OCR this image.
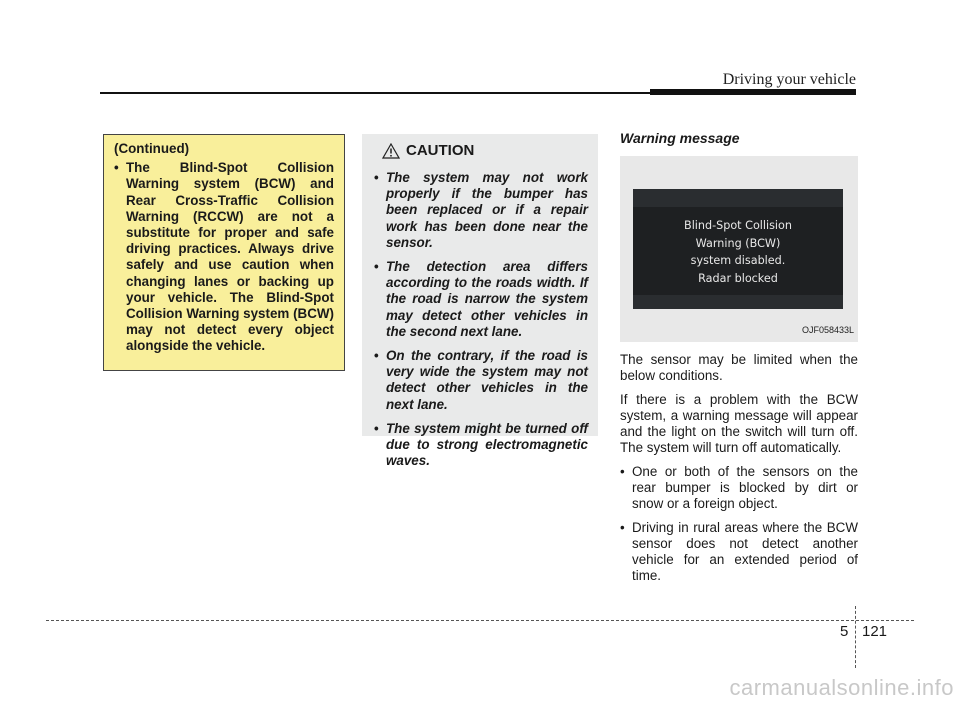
Driving your vehicle
(Continued)
• The Blind-Spot Collision Warning system (BCW) and Rear Cross-Traffic Collision Warning (RCCW) are not a substitute for proper and safe driving practices. Always drive safely and use caution when changing lanes or backing up your vehicle. The Blind-Spot Collision Warning system (BCW) may not detect every object alongside the vehicle.
CAUTION
• The system may not work properly if the bumper has been replaced or if a repair work has been done near the sensor.
• The detection area differs according to the roads width. If the road is narrow the system may detect other vehicles in the second next lane.
• On the contrary, if the road is very wide the system may not detect other vehicles in the next lane.
• The system might be turned off due to strong electromagnetic waves.
Warning message
Blind-Spot Collision
Warning (BCW)
system disabled.
Radar blocked
OJF058433L

The sensor may be limited when the below conditions.

If there is a problem with the BCW system, a warning message will appear and the light on the switch will turn off. The system will turn off automatically.

• One or both of the sensors on the rear bumper is blocked by dirt or snow or a foreign object.
• Driving in rural areas where the BCW sensor does not detect another vehicle for an extended period of time.
5 121
carmanualsonline.info
